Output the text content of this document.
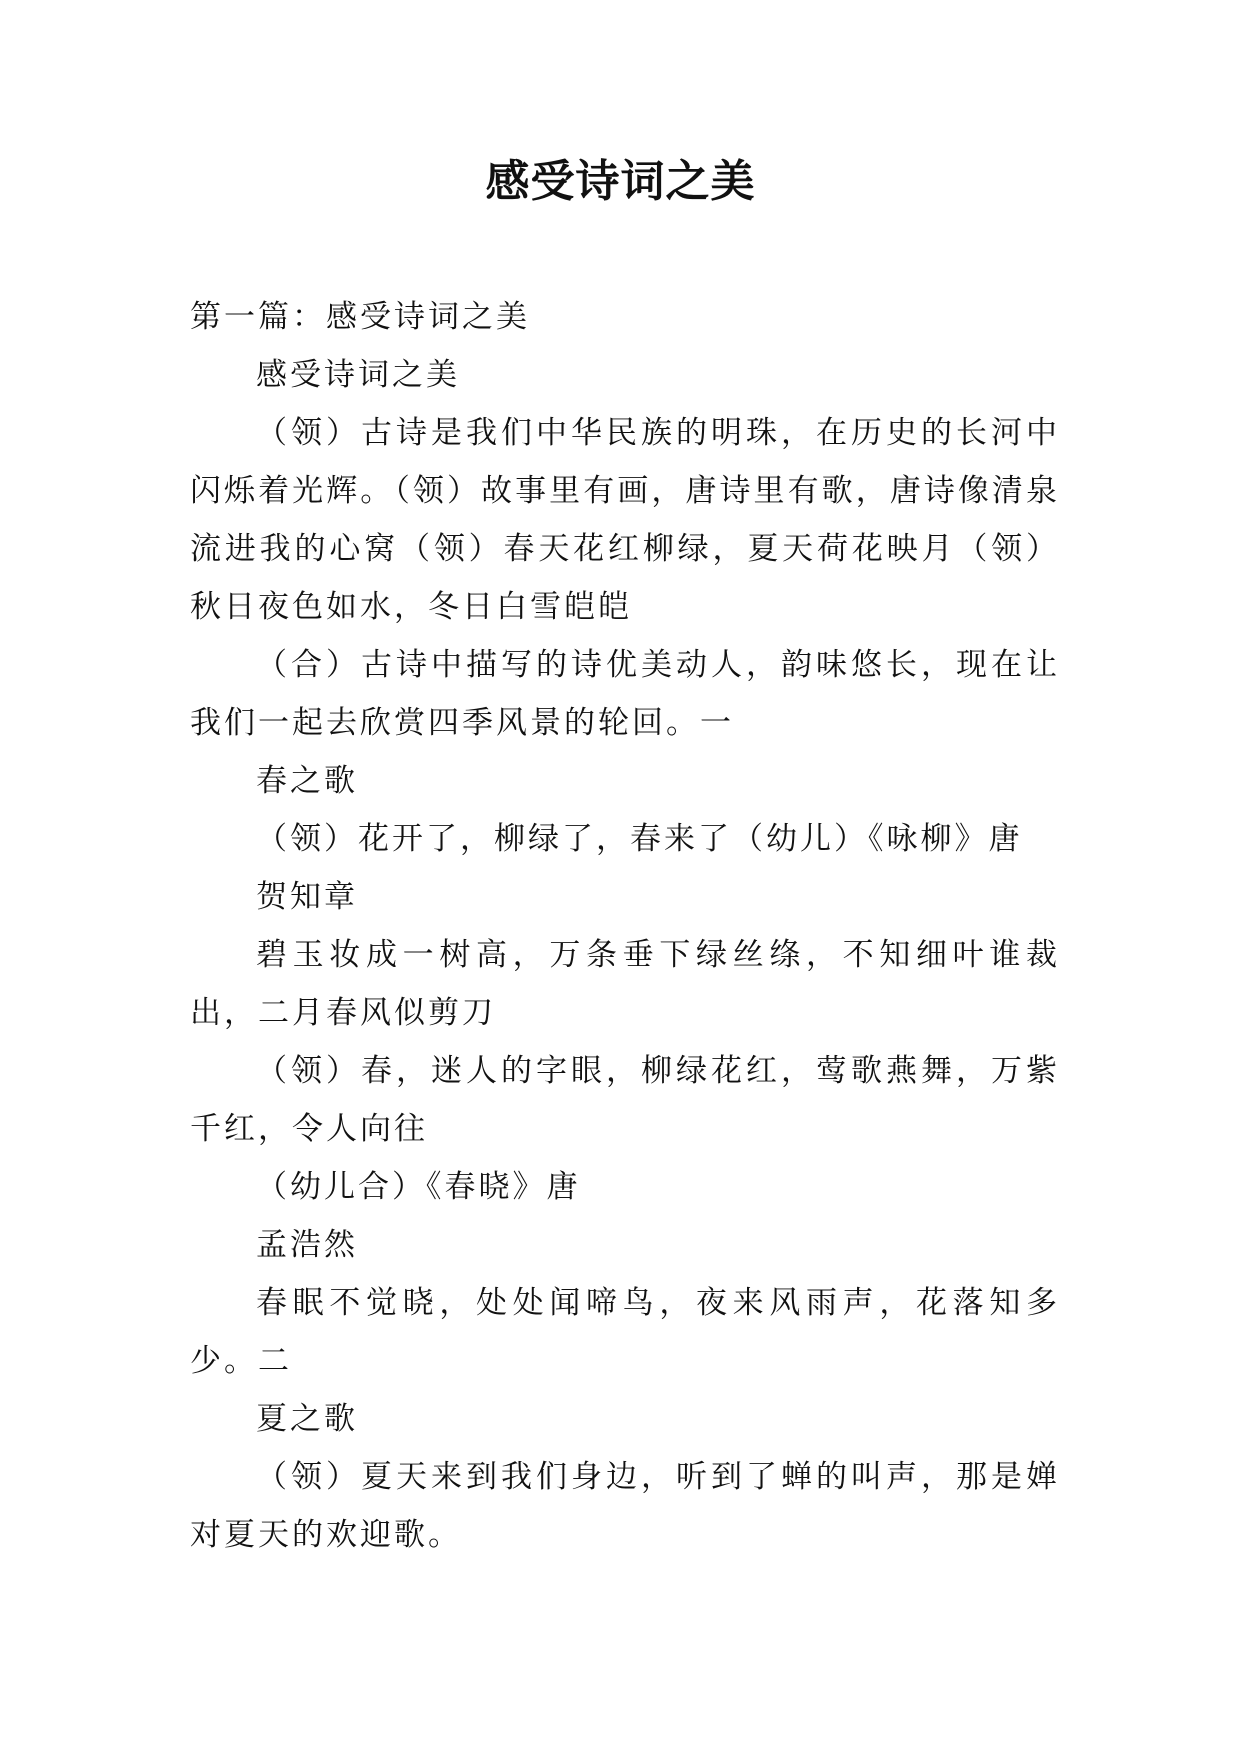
感受诗词之美

第一篇：感受诗词之美

感受诗词之美

（领）古诗是我们中华民族的明珠，在历史的长河中闪烁着光辉。（领）故事里有画，唐诗里有歌，唐诗像清泉流进我的心窝（领）春天花红柳绿，夏天荷花映月（领）秋日夜色如水，冬日白雪皑皑

（合）古诗中描写的诗优美动人，韵味悠长，现在让我们一起去欣赏四季风景的轮回。一

春之歌

（领）花开了，柳绿了，春来了（幼儿）《咏柳》唐

贺知章

碧玉妆成一树高，万条垂下绿丝绦，不知细叶谁裁出，二月春风似剪刀

（领）春，迷人的字眼，柳绿花红，莺歌燕舞，万紫千红，令人向往

（幼儿合）《春晓》唐

孟浩然

春眠不觉晓，处处闻啼鸟，夜来风雨声，花落知多少。二

夏之歌

（领）夏天来到我们身边，听到了蝉的叫声，那是婵对夏天的欢迎歌。
